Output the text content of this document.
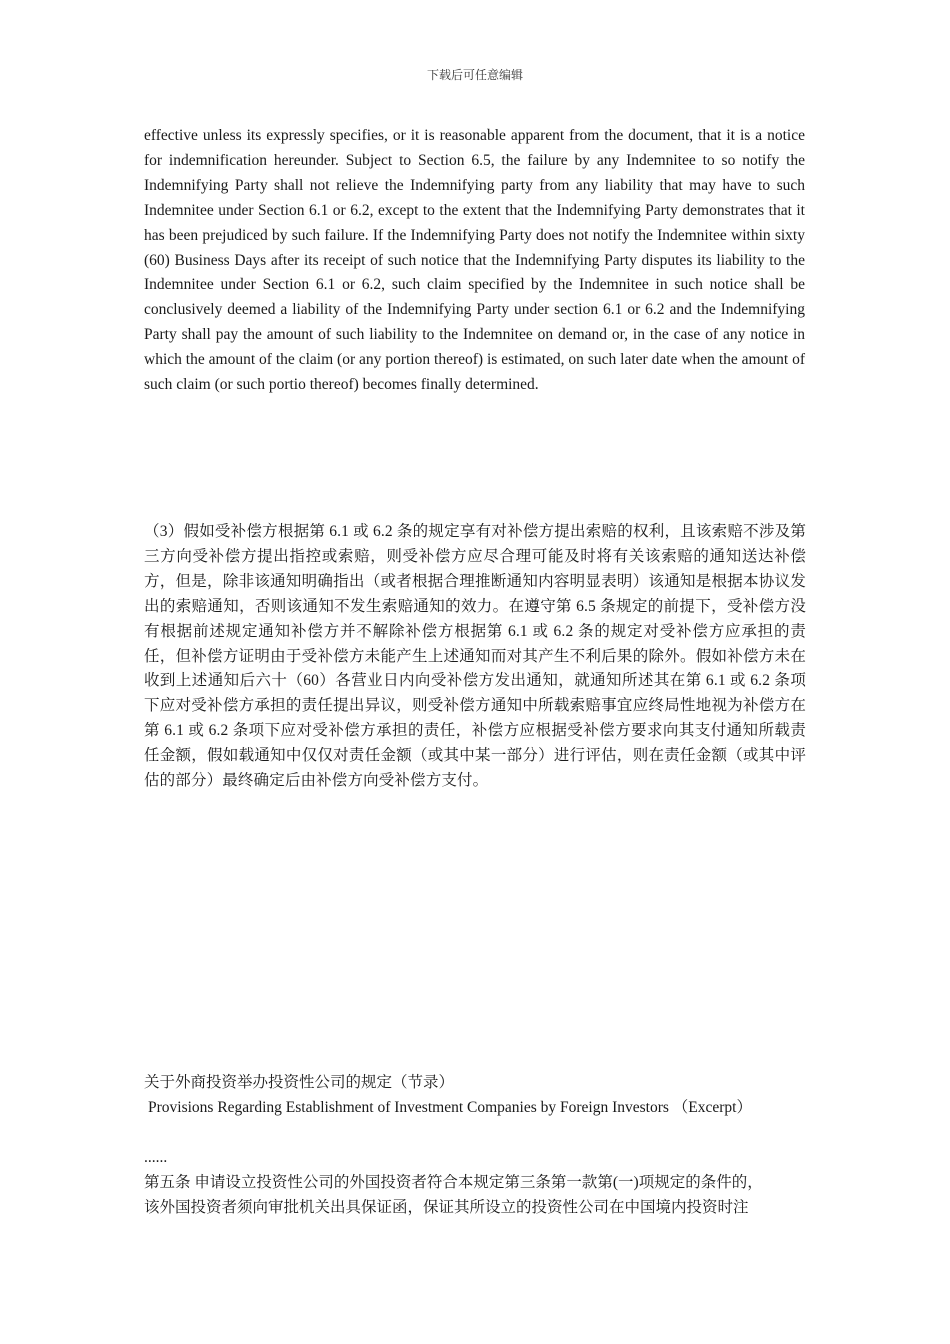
下载后可任意编辑
effective unless its expressly specifies, or it is reasonable apparent from the document, that it is a notice for indemnification hereunder. Subject to Section 6.5, the failure by any Indemnitee to so notify the Indemnifying Party shall not relieve the Indemnifying party from any liability that may have to such Indemnitee under Section 6.1 or 6.2, except to the extent that the Indemnifying Party demonstrates that it has been prejudiced by such failure. If the Indemnifying Party does not notify the Indemnitee within sixty (60) Business Days after its receipt of such notice that the Indemnifying Party disputes its liability to the Indemnitee under Section 6.1 or 6.2, such claim specified by the Indemnitee in such notice shall be conclusively deemed a liability of the Indemnifying Party under section 6.1 or 6.2 and the Indemnifying Party shall pay the amount of such liability to the Indemnitee on demand or, in the case of any notice in which the amount of the claim (or any portion thereof) is estimated, on such later date when the amount of such claim (or such portio thereof) becomes finally determined.
（3）假如受补偿方根据第 6.1 或 6.2 条的规定享有对补偿方提出索赔的权利，且该索赔不涉及第三方向受补偿方提出指控或索赔，则受补偿方应尽合理可能及时将有关该索赔的通知送达补偿方，但是，除非该通知明确指出（或者根据合理推断通知内容明显表明）该通知是根据本协议发出的索赔通知，否则该通知不发生索赔通知的效力。在遵守第 6.5 条规定的前提下，受补偿方没有根据前述规定通知补偿方并不解除补偿方根据第 6.1 或 6.2 条的规定对受补偿方应承担的责任，但补偿方证明由于受补偿方未能产生上述通知而对其产生不利后果的除外。假如补偿方未在收到上述通知后六十（60）各营业日内向受补偿方发出通知，就通知所述其在第 6.1 或 6.2 条项下应对受补偿方承担的责任提出异议，则受补偿方通知中所载索赔事宜应终局性地视为补偿方在第 6.1 或 6.2 条项下应对受补偿方承担的责任，补偿方应根据受补偿方要求向其支付通知所载责任金额，假如载通知中仅仅对责任金额（或其中某一部分）进行评估，则在责任金额（或其中评估的部分）最终确定后由补偿方向受补偿方支付。
关于外商投资举办投资性公司的规定（节录）
Provisions Regarding Establishment of Investment Companies by Foreign Investors （Excerpt）
......
第五条 申请设立投资性公司的外国投资者符合本规定第三条第一款第(一)项规定的条件的，
该外国投资者须向审批机关出具保证函，保证其所设立的投资性公司在中国境内投资时注
